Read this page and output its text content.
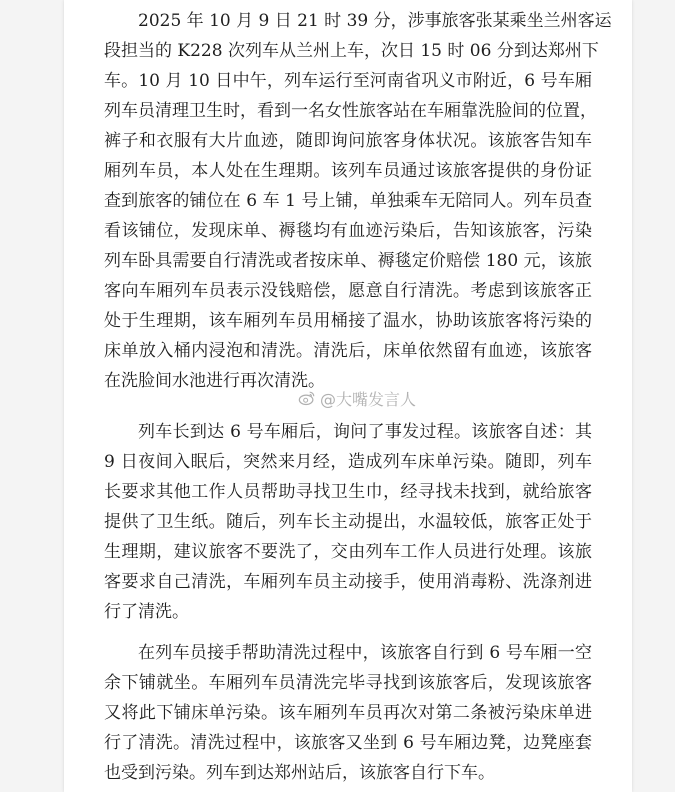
2025 年 10 月 9 日 21 时 39 分，涉事旅客张某乘坐兰州客运
段担当的 K228 次列车从兰州上车，次日 15 时 06 分到达郑州下
车。10 月 10 日中午，列车运行至河南省巩义市附近，6 号车厢
列车员清理卫生时，看到一名女性旅客站在车厢靠洗脸间的位置，
裤子和衣服有大片血迹，随即询问旅客身体状况。该旅客告知车
厢列车员，本人处在生理期。该列车员通过该旅客提供的身份证
查到旅客的铺位在 6 车 1 号上铺，单独乘车无陪同人。列车员查
看该铺位，发现床单、褥毯均有血迹污染后，告知该旅客，污染
列车卧具需要自行清洗或者按床单、褥毯定价赔偿 180 元，该旅
客向车厢列车员表示没钱赔偿，愿意自行清洗。考虑到该旅客正
处于生理期，该车厢列车员用桶接了温水，协助该旅客将污染的
床单放入桶内浸泡和清洗。清洗后，床单依然留有血迹，该旅客
在洗脸间水池进行再次清洗。
列车长到达 6 号车厢后，询问了事发过程。该旅客自述：其
9 日夜间入眠后，突然来月经，造成列车床单污染。随即，列车
长要求其他工作人员帮助寻找卫生巾，经寻找未找到，就给旅客
提供了卫生纸。随后，列车长主动提出，水温较低，旅客正处于
生理期，建议旅客不要洗了，交由列车工作人员进行处理。该旅
客要求自己清洗，车厢列车员主动接手，使用消毒粉、洗涤剂进
行了清洗。
在列车员接手帮助清洗过程中，该旅客自行到 6 号车厢一空
余下铺就坐。车厢列车员清洗完毕寻找到该旅客后，发现该旅客
又将此下铺床单污染。该车厢列车员再次对第二条被污染床单进
行了清洗。清洗过程中，该旅客又坐到 6 号车厢边凳，边凳座套
也受到污染。列车到达郑州站后，该旅客自行下车。
@大嘴发言人
